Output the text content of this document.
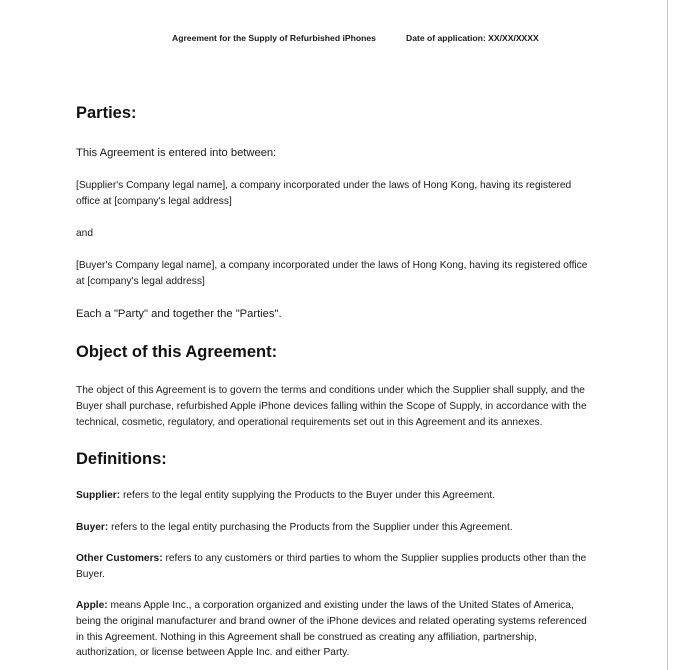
Agreement for the Supply of Refurbished iPhones	Date of application: XX/XX/XXXX
Parties:

This Agreement is entered into between:

[Supplier's Company legal name], a company incorporated under the laws of Hong Kong, having its registered office at [company's legal address]

and

[Buyer's Company legal name], a company incorporated under the laws of Hong Kong, having its registered office at [company's legal address]

Each a "Party" and together the "Parties".

Object of this Agreement:

The object of this Agreement is to govern the terms and conditions under which the Supplier shall supply, and the Buyer shall purchase, refurbished Apple iPhone devices falling within the Scope of Supply, in accordance with the technical, cosmetic, regulatory, and operational requirements set out in this Agreement and its annexes.

Definitions:

Supplier: refers to the legal entity supplying the Products to the Buyer under this Agreement.

Buyer: refers to the legal entity purchasing the Products from the Supplier under this Agreement.

Other Customers: refers to any customers or third parties to whom the Supplier supplies products other than the Buyer.

Apple: means Apple Inc., a corporation organized and existing under the laws of the United States of America, being the original manufacturer and brand owner of the iPhone devices and related operating systems referenced in this Agreement. Nothing in this Agreement shall be construed as creating any affiliation, partnership, authorization, or license between Apple Inc. and either Party.
